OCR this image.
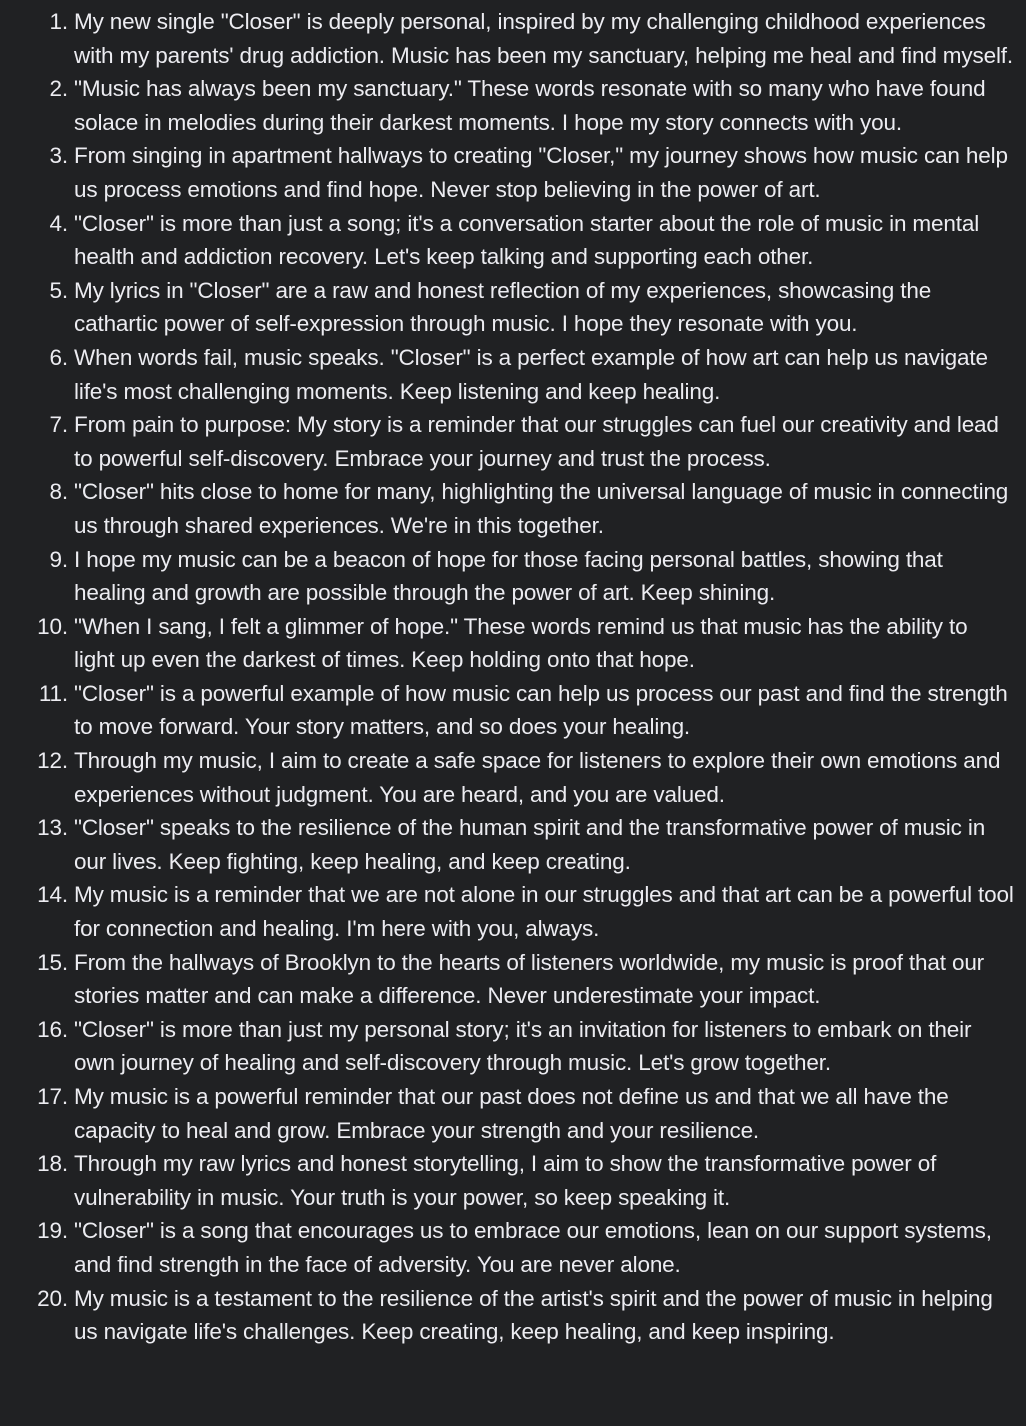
1. My new single "Closer" is deeply personal, inspired by my challenging childhood experiences with my parents' drug addiction. Music has been my sanctuary, helping me heal and find myself.
2. "Music has always been my sanctuary." These words resonate with so many who have found solace in melodies during their darkest moments. I hope my story connects with you.
3. From singing in apartment hallways to creating "Closer," my journey shows how music can help us process emotions and find hope. Never stop believing in the power of art.
4. "Closer" is more than just a song; it's a conversation starter about the role of music in mental health and addiction recovery. Let's keep talking and supporting each other.
5. My lyrics in "Closer" are a raw and honest reflection of my experiences, showcasing the cathartic power of self-expression through music. I hope they resonate with you.
6. When words fail, music speaks. "Closer" is a perfect example of how art can help us navigate life's most challenging moments. Keep listening and keep healing.
7. From pain to purpose: My story is a reminder that our struggles can fuel our creativity and lead to powerful self-discovery. Embrace your journey and trust the process.
8. "Closer" hits close to home for many, highlighting the universal language of music in connecting us through shared experiences. We're in this together.
9. I hope my music can be a beacon of hope for those facing personal battles, showing that healing and growth are possible through the power of art. Keep shining.
10. "When I sang, I felt a glimmer of hope." These words remind us that music has the ability to light up even the darkest of times. Keep holding onto that hope.
11. "Closer" is a powerful example of how music can help us process our past and find the strength to move forward. Your story matters, and so does your healing.
12. Through my music, I aim to create a safe space for listeners to explore their own emotions and experiences without judgment. You are heard, and you are valued.
13. "Closer" speaks to the resilience of the human spirit and the transformative power of music in our lives. Keep fighting, keep healing, and keep creating.
14. My music is a reminder that we are not alone in our struggles and that art can be a powerful tool for connection and healing. I'm here with you, always.
15. From the hallways of Brooklyn to the hearts of listeners worldwide, my music is proof that our stories matter and can make a difference. Never underestimate your impact.
16. "Closer" is more than just my personal story; it's an invitation for listeners to embark on their own journey of healing and self-discovery through music. Let's grow together.
17. My music is a powerful reminder that our past does not define us and that we all have the capacity to heal and grow. Embrace your strength and your resilience.
18. Through my raw lyrics and honest storytelling, I aim to show the transformative power of vulnerability in music. Your truth is your power, so keep speaking it.
19. "Closer" is a song that encourages us to embrace our emotions, lean on our support systems, and find strength in the face of adversity. You are never alone.
20. My music is a testament to the resilience of the artist's spirit and the power of music in helping us navigate life's challenges. Keep creating, keep healing, and keep inspiring.
